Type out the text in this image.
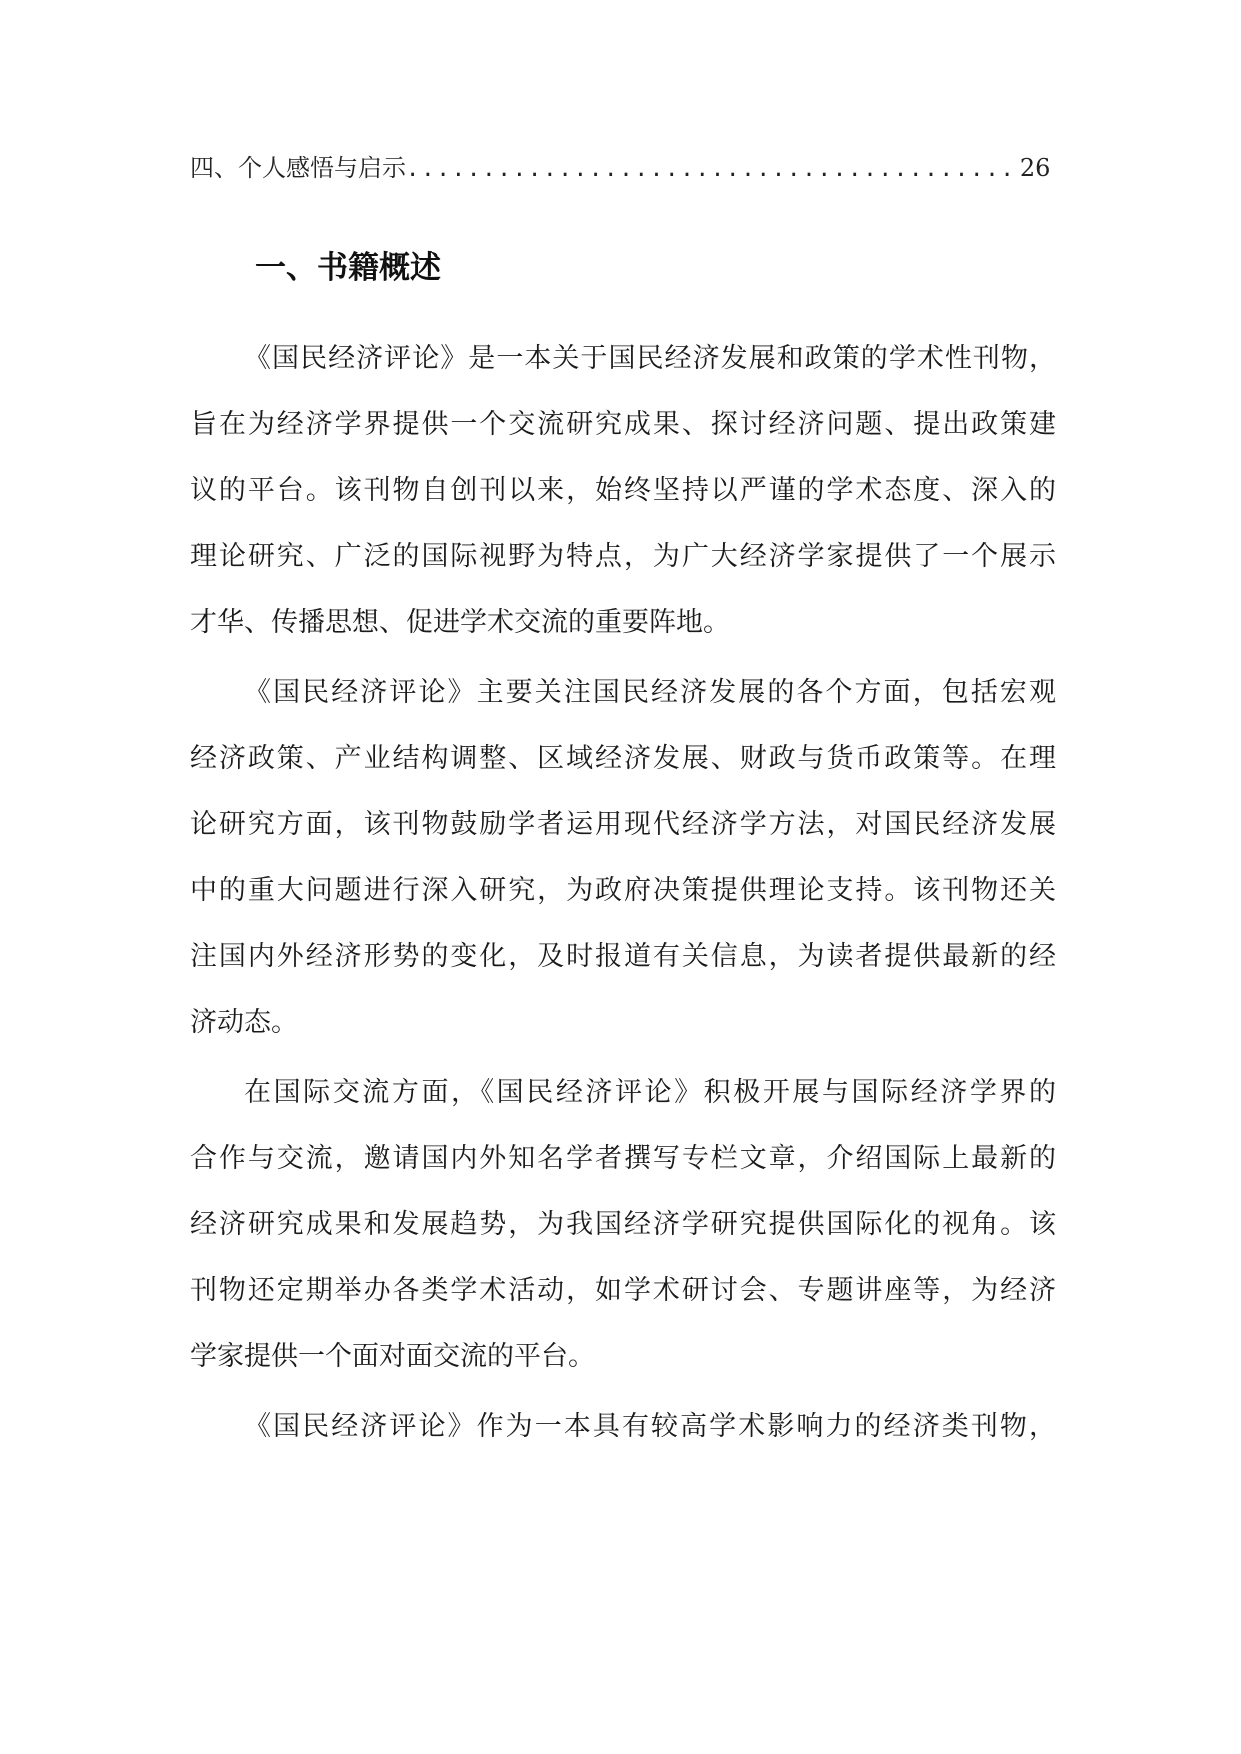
四、个人感悟与启示 ........................................ 26
一、书籍概述

《国民经济评论》是一本关于国民经济发展和政策的学术性刊物，
旨在为经济学界提供一个交流研究成果、探讨经济问题、提出政策建
议的平台。该刊物自创刊以来，始终坚持以严谨的学术态度、深入的
理论研究、广泛的国际视野为特点，为广大经济学家提供了一个展示
才华、传播思想、促进学术交流的重要阵地。

《国民经济评论》主要关注国民经济发展的各个方面，包括宏观
经济政策、产业结构调整、区域经济发展、财政与货币政策等。在理
论研究方面，该刊物鼓励学者运用现代经济学方法，对国民经济发展
中的重大问题进行深入研究，为政府决策提供理论支持。该刊物还关
注国内外经济形势的变化，及时报道有关信息，为读者提供最新的经
济动态。

在国际交流方面，《国民经济评论》积极开展与国际经济学界的
合作与交流，邀请国内外知名学者撰写专栏文章，介绍国际上最新的
经济研究成果和发展趋势，为我国经济学研究提供国际化的视角。该
刊物还定期举办各类学术活动，如学术研讨会、专题讲座等，为经济
学家提供一个面对面交流的平台。

《国民经济评论》作为一本具有较高学术影响力的经济类刊物，
